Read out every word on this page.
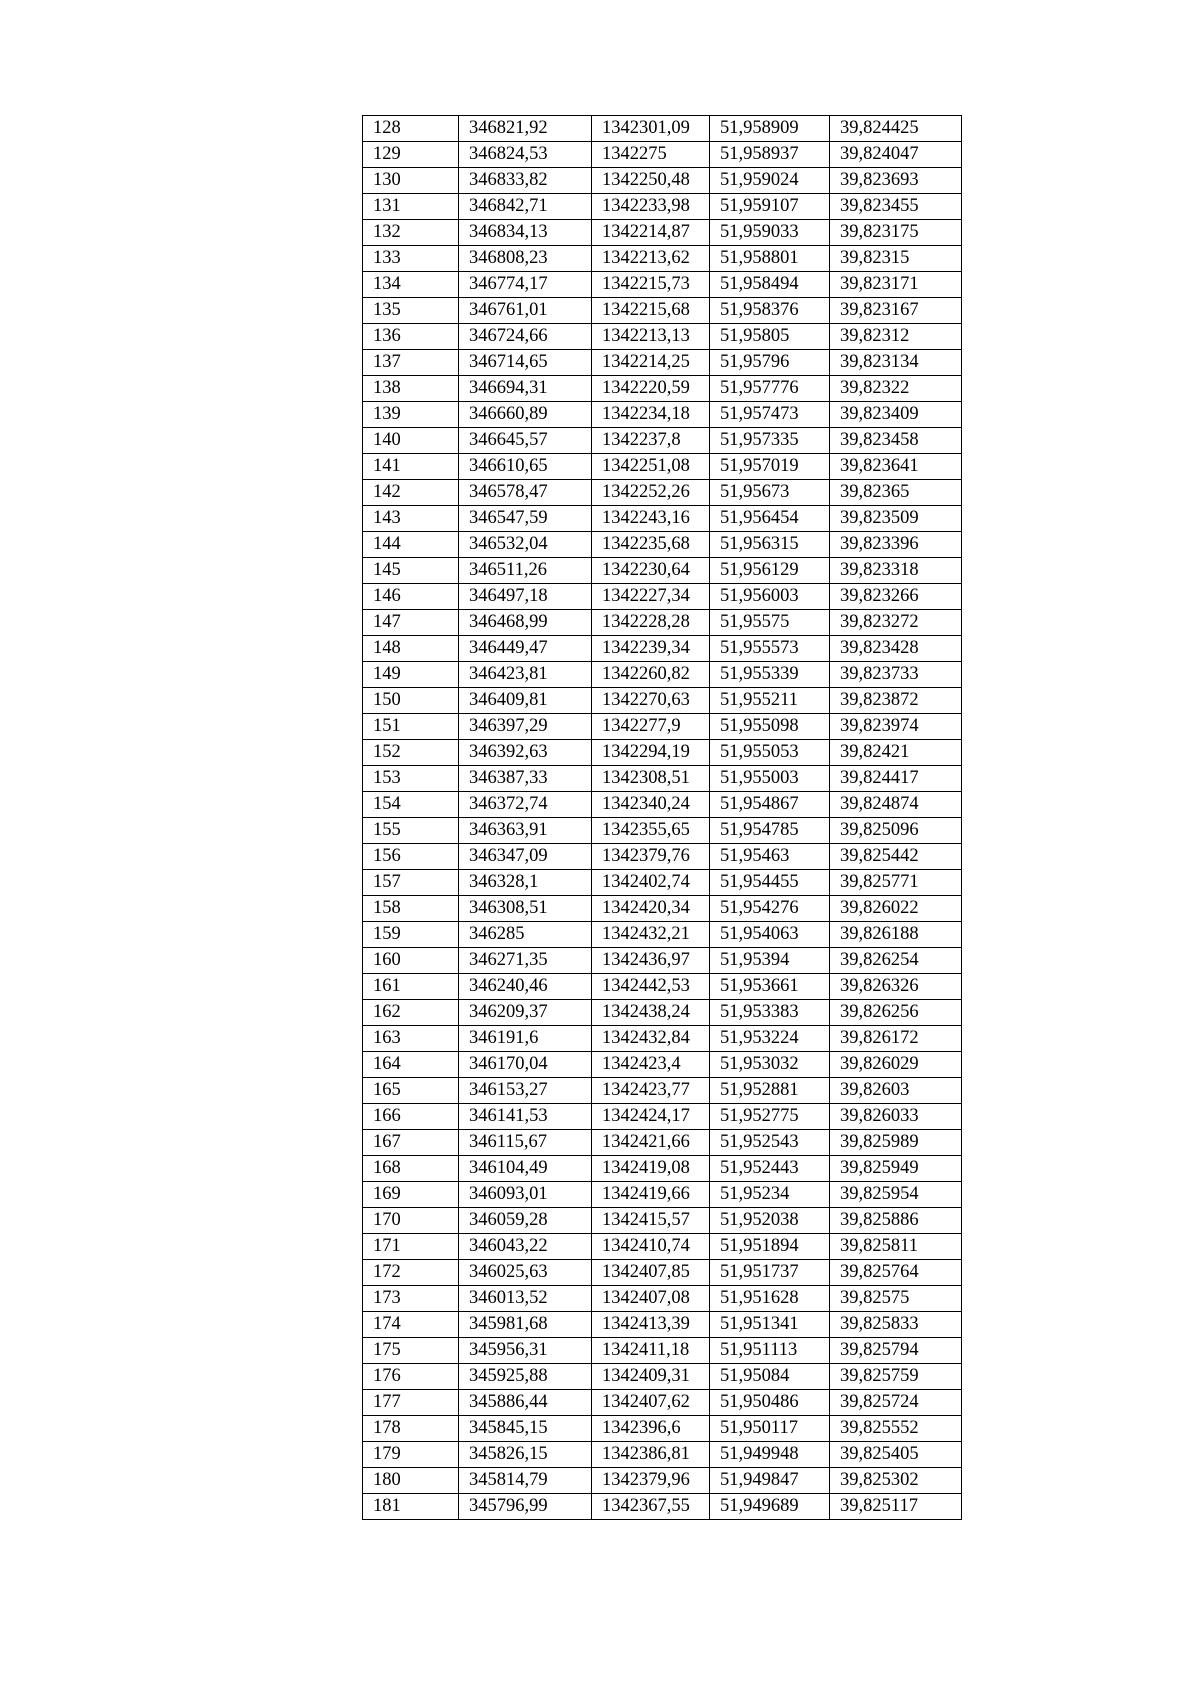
128	346821,92	1342301,09	51,958909	39,824425
129	346824,53	1342275	51,958937	39,824047
130	346833,82	1342250,48	51,959024	39,823693
131	346842,71	1342233,98	51,959107	39,823455
132	346834,13	1342214,87	51,959033	39,823175
133	346808,23	1342213,62	51,958801	39,82315
134	346774,17	1342215,73	51,958494	39,823171
135	346761,01	1342215,68	51,958376	39,823167
136	346724,66	1342213,13	51,95805	39,82312
137	346714,65	1342214,25	51,95796	39,823134
138	346694,31	1342220,59	51,957776	39,82322
139	346660,89	1342234,18	51,957473	39,823409
140	346645,57	1342237,8	51,957335	39,823458
141	346610,65	1342251,08	51,957019	39,823641
142	346578,47	1342252,26	51,95673	39,82365
143	346547,59	1342243,16	51,956454	39,823509
144	346532,04	1342235,68	51,956315	39,823396
145	346511,26	1342230,64	51,956129	39,823318
146	346497,18	1342227,34	51,956003	39,823266
147	346468,99	1342228,28	51,95575	39,823272
148	346449,47	1342239,34	51,955573	39,823428
149	346423,81	1342260,82	51,955339	39,823733
150	346409,81	1342270,63	51,955211	39,823872
151	346397,29	1342277,9	51,955098	39,823974
152	346392,63	1342294,19	51,955053	39,82421
153	346387,33	1342308,51	51,955003	39,824417
154	346372,74	1342340,24	51,954867	39,824874
155	346363,91	1342355,65	51,954785	39,825096
156	346347,09	1342379,76	51,95463	39,825442
157	346328,1	1342402,74	51,954455	39,825771
158	346308,51	1342420,34	51,954276	39,826022
159	346285	1342432,21	51,954063	39,826188
160	346271,35	1342436,97	51,95394	39,826254
161	346240,46	1342442,53	51,953661	39,826326
162	346209,37	1342438,24	51,953383	39,826256
163	346191,6	1342432,84	51,953224	39,826172
164	346170,04	1342423,4	51,953032	39,826029
165	346153,27	1342423,77	51,952881	39,82603
166	346141,53	1342424,17	51,952775	39,826033
167	346115,67	1342421,66	51,952543	39,825989
168	346104,49	1342419,08	51,952443	39,825949
169	346093,01	1342419,66	51,95234	39,825954
170	346059,28	1342415,57	51,952038	39,825886
171	346043,22	1342410,74	51,951894	39,825811
172	346025,63	1342407,85	51,951737	39,825764
173	346013,52	1342407,08	51,951628	39,82575
174	345981,68	1342413,39	51,951341	39,825833
175	345956,31	1342411,18	51,951113	39,825794
176	345925,88	1342409,31	51,95084	39,825759
177	345886,44	1342407,62	51,950486	39,825724
178	345845,15	1342396,6	51,950117	39,825552
179	345826,15	1342386,81	51,949948	39,825405
180	345814,79	1342379,96	51,949847	39,825302
181	345796,99	1342367,55	51,949689	39,825117
